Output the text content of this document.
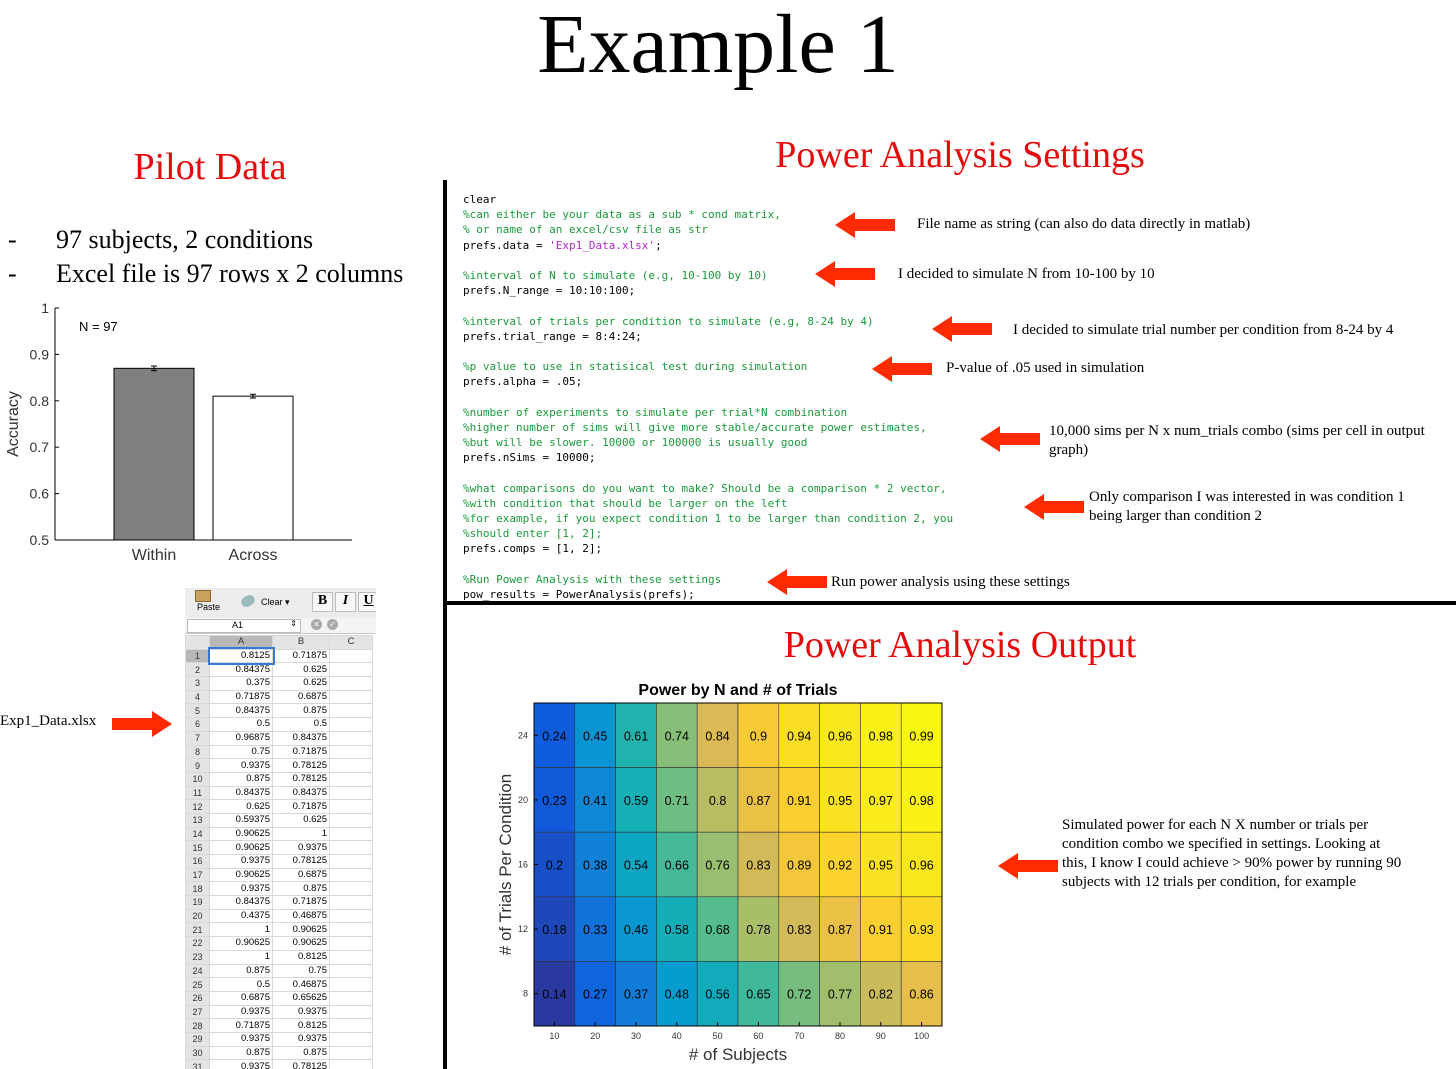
Example 1
Pilot Data
-	97 subjects, 2 conditions
-	Excel file is 97 rows x 2 columns
0.5
0.6
0.7
0.8
0.9
1
Accuracy
N = 97
Within	Across
Exp1_Data.xlsx
Paste	Clear ▾	B	I	U
A1	⇕ ✕ ✓
	A	B	C
1	0.8125	0.71875	
2	0.84375	0.625	
3	0.375	0.625	
4	0.71875	0.6875	
5	0.84375	0.875	
6	0.5	0.5	
7	0.96875	0.84375	
8	0.75	0.71875	
9	0.9375	0.78125	
10	0.875	0.78125	
11	0.84375	0.84375	
12	0.625	0.71875	
13	0.59375	0.625	
14	0.90625	1	
15	0.90625	0.9375	
16	0.9375	0.78125	
17	0.90625	0.6875	
18	0.9375	0.875	
19	0.84375	0.71875	
20	0.4375	0.46875	
21	1	0.90625	
22	0.90625	0.90625	
23	1	0.8125	
24	0.875	0.75	
25	0.5	0.46875	
26	0.6875	0.65625	
27	0.9375	0.9375	
28	0.71875	0.8125	
29	0.9375	0.9375	
30	0.875	0.875	
31	0.9375	0.78125	
Power Analysis Settings
clear
%can either be your data as a sub * cond matrix,
% or name of an excel/csv file as str
prefs.data = 'Exp1_Data.xlsx';
%interval of N to simulate (e.g, 10-100 by 10)
prefs.N_range = 10:10:100;
%interval of trials per condition to simulate (e.g, 8-24 by 4)
prefs.trial_range = 8:4:24;
%p value to use in statisical test during simulation
prefs.alpha = .05;
%number of experiments to simulate per trial*N combination
%higher number of sims will give more stable/accurate power estimates,
%but will be slower. 10000 or 100000 is usually good
prefs.nSims = 10000;
%what comparisons do you want to make? Should be a comparison * 2 vector,
%with condition that should be larger on the left
%for example, if you expect condition 1 to be larger than condition 2, you
%should enter [1, 2];
prefs.comps = [1, 2];
%Run Power Analysis with these settings
pow_results = PowerAnalysis(prefs);
File name as string (can also do data directly in matlab)
I decided to simulate N from 10-100 by 10
I decided to simulate trial number per condition from 8-24 by 4
P-value of .05 used in simulation
10,000 sims per N x num_trials combo (sims per cell in output graph)
Only comparison I was interested in was condition 1 being larger than condition 2
Run power analysis using these settings
Power Analysis Output
Power by N and # of Trials
0.24 0.45 0.61 0.74 0.84 0.9 0.94 0.96 0.98 0.99
0.23 0.41 0.59 0.71 0.8 0.87 0.91 0.95 0.97 0.98
0.2 0.38 0.54 0.66 0.76 0.83 0.89 0.92 0.95 0.96
0.18 0.33 0.46 0.58 0.68 0.78 0.83 0.87 0.91 0.93
0.14 0.27 0.37 0.48 0.56 0.65 0.72 0.77 0.82 0.86
24
20
16
12
8
10	20	30	40	50	60	70	80	90	100
# of Subjects
# of Trials Per Condition	Simulated power for each N X number or trials per condition combo we specified in settings. Looking at this, I know I could achieve > 90% power by running 90 subjects with 12 trials per condition, for example
